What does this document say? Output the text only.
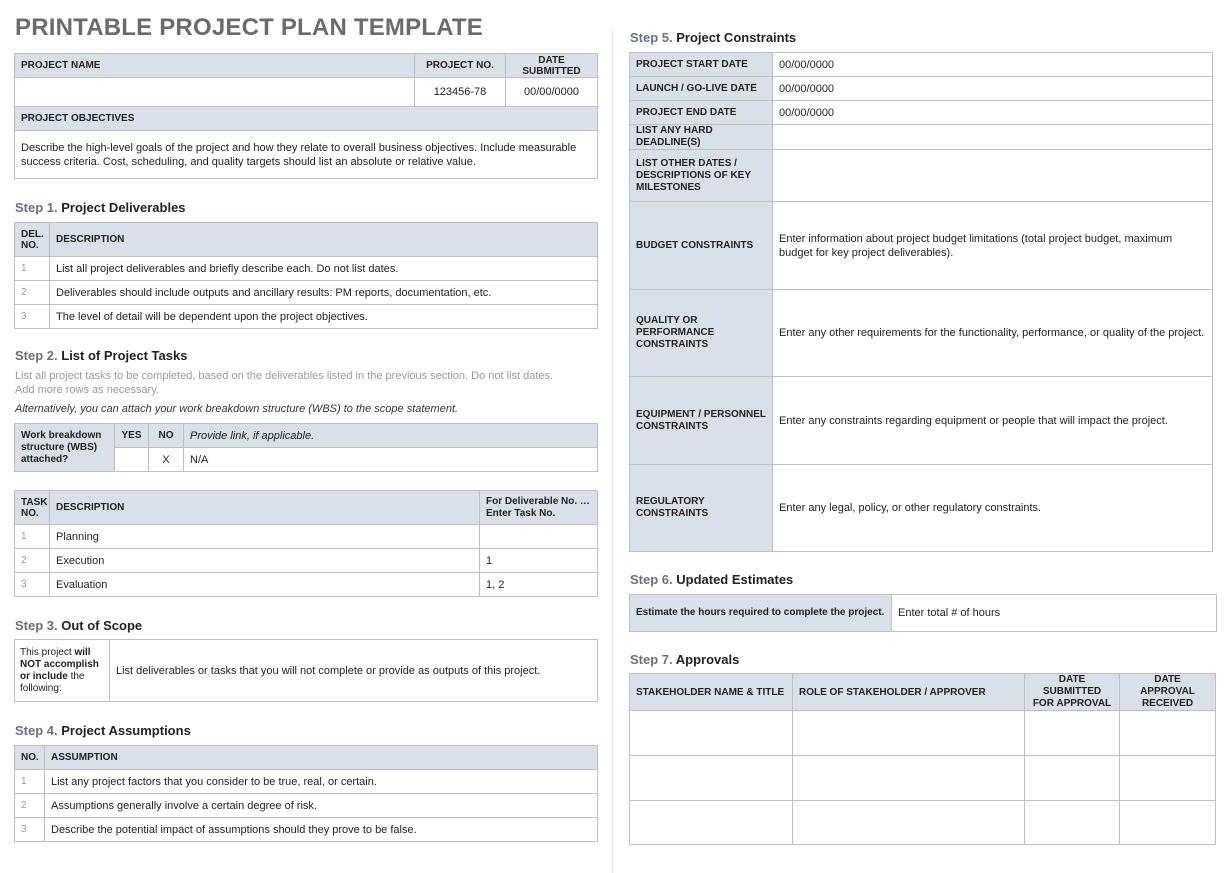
PRINTABLE PROJECT PLAN TEMPLATE
PROJECT NAME	PROJECT NO.	DATE SUBMITTED
	123456-78	00/00/0000
PROJECT OBJECTIVES		
Describe the high-level goals of the project and how they relate to overall business objectives. Include measurable success criteria. Cost, scheduling, and quality targets should list an absolute or relative value.		
Step 1. Project Deliverables
DEL. NO.	DESCRIPTION
1	List all project deliverables and briefly describe each. Do not list dates.
2	Deliverables should include outputs and ancillary results: PM reports, documentation, etc.
3	The level of detail will be dependent upon the project objectives.
Step 2. List of Project Tasks
List all project tasks to be completed, based on the deliverables listed in the previous section. Do not list dates. Add more rows as necessary.
Alternatively, you can attach your work breakdown structure (WBS) to the scope statement.
Work breakdown structure (WBS) attached?	YES	NO	Provide link, if applicable.
		X	N/A
TASK NO.	DESCRIPTION	For Deliverable No. … Enter Task No.
1	Planning	
2	Execution	1
3	Evaluation	1, 2
Step 3. Out of Scope
This project will NOT accomplish or include the following:	List deliverables or tasks that you will not complete or provide as outputs of this project.
Step 4. Project Assumptions
NO.	ASSUMPTION
1	List any project factors that you consider to be true, real, or certain.
2	Assumptions generally involve a certain degree of risk.
3	Describe the potential impact of assumptions should they prove to be false.
Step 5. Project Constraints
PROJECT START DATE	00/00/0000
LAUNCH / GO-LIVE DATE	00/00/0000
PROJECT END DATE	00/00/0000
LIST ANY HARD DEADLINE(S)	
LIST OTHER DATES / DESCRIPTIONS OF KEY MILESTONES	
BUDGET CONSTRAINTS	Enter information about project budget limitations (total project budget, maximum budget for key project deliverables).
QUALITY OR PERFORMANCE CONSTRAINTS	Enter any other requirements for the functionality, performance, or quality of the project.
EQUIPMENT / PERSONNEL CONSTRAINTS	Enter any constraints regarding equipment or people that will impact the project.
REGULATORY CONSTRAINTS	Enter any legal, policy, or other regulatory constraints.
Step 6. Updated Estimates
Estimate the hours required to complete the project.	Enter total # of hours
Step 7. Approvals
STAKEHOLDER NAME & TITLE	ROLE OF STAKEHOLDER / APPROVER	DATE SUBMITTED FOR APPROVAL	DATE APPROVAL RECEIVED
